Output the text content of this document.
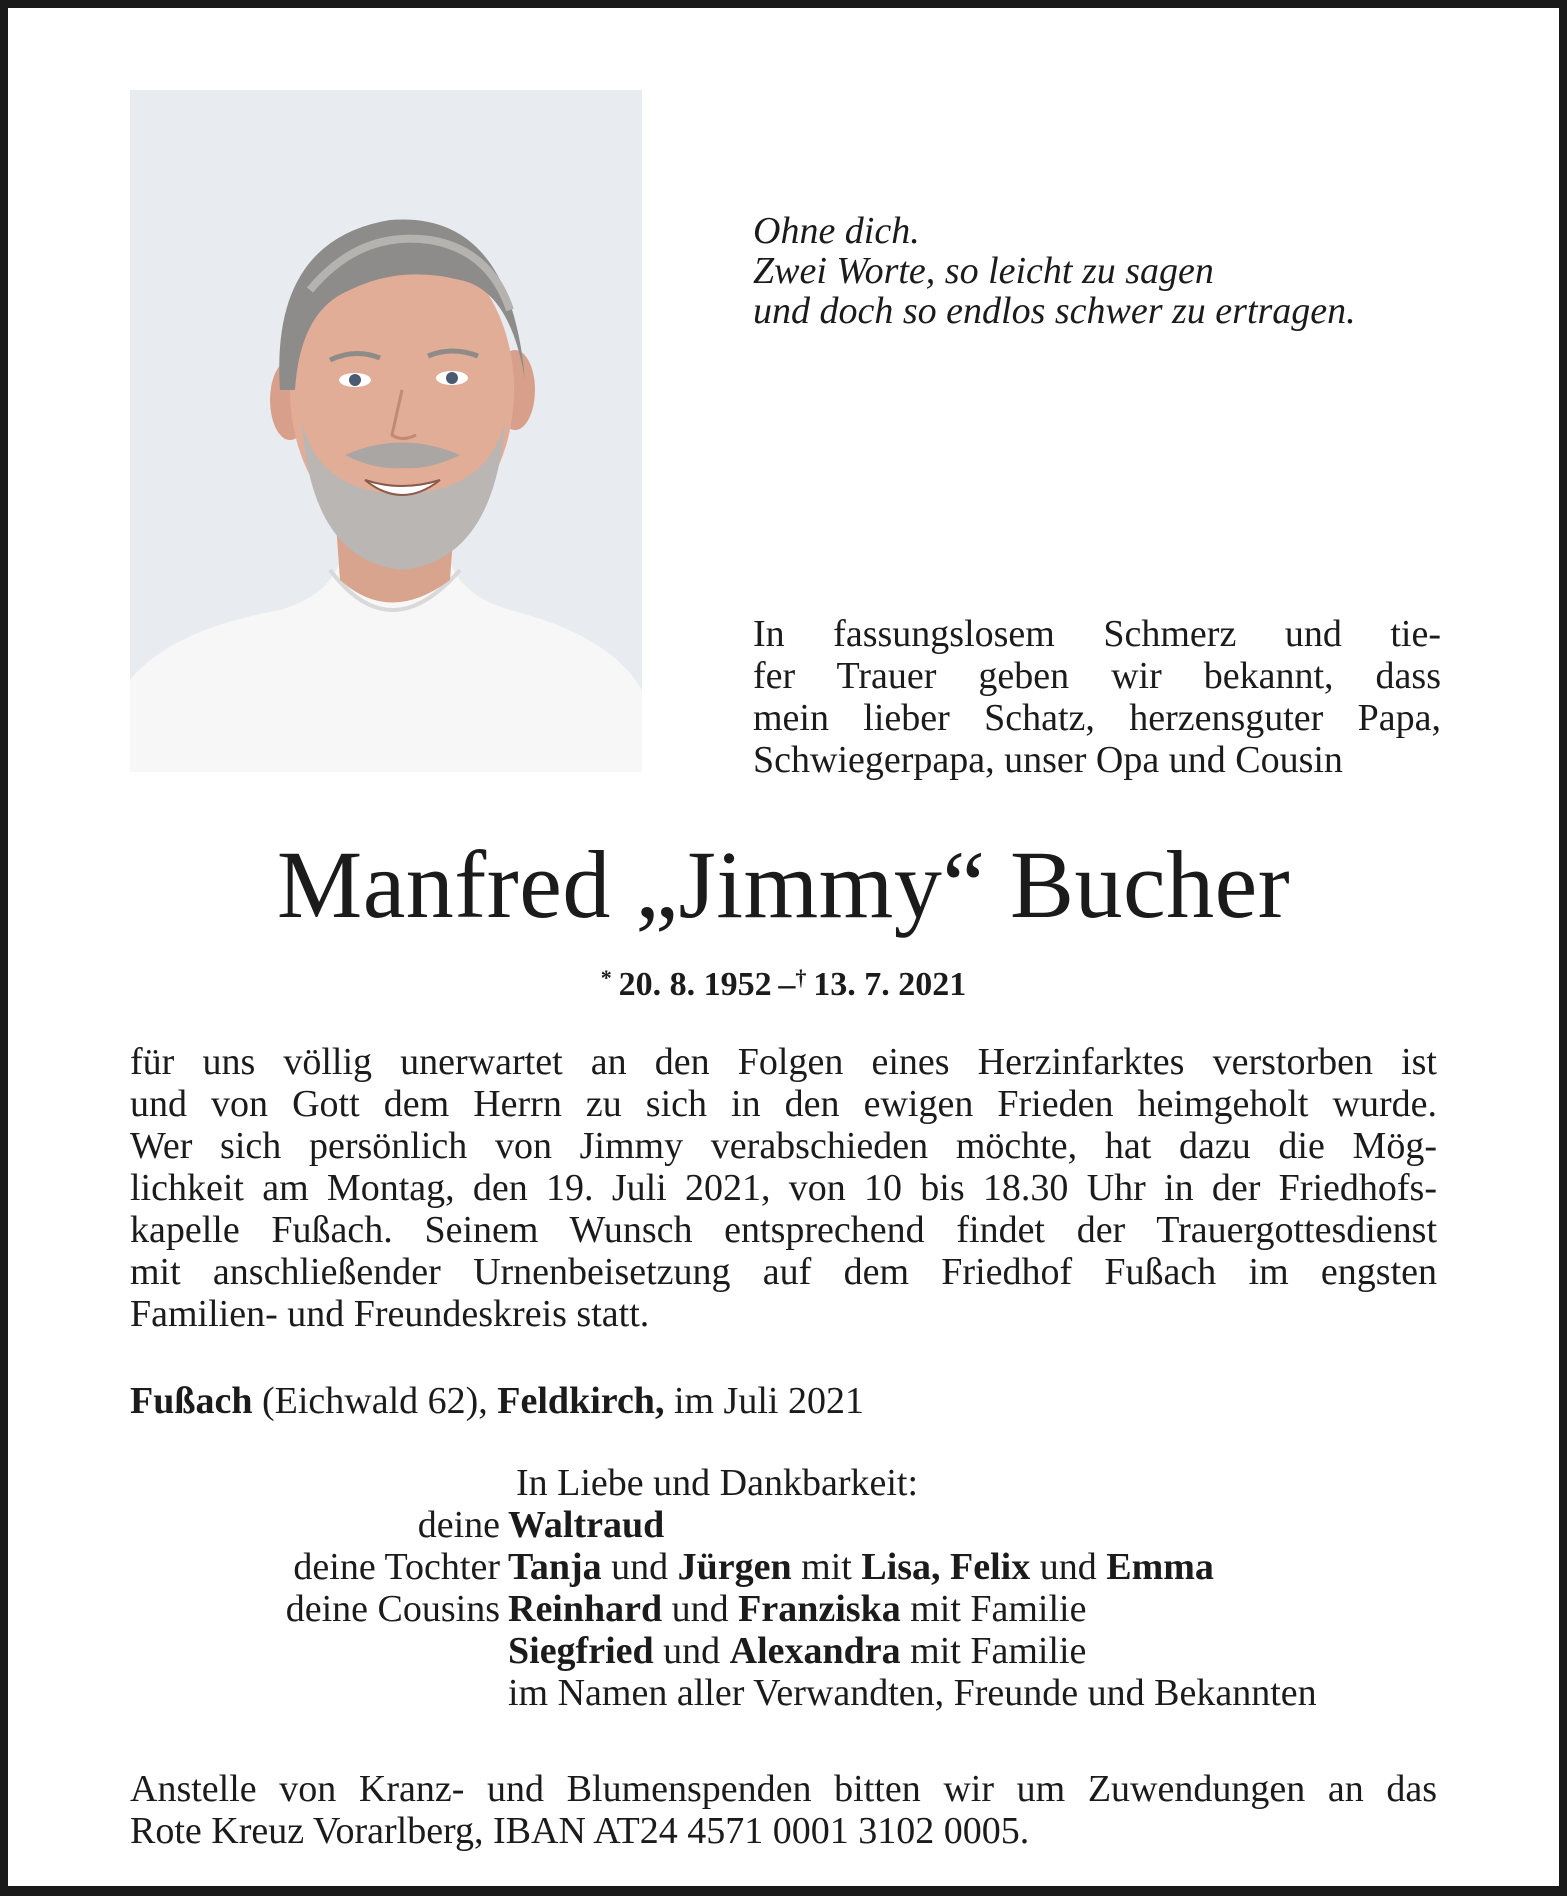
Ohne dich.
Zwei Worte, so leicht zu sagen
und doch so endlos schwer zu ertragen.
In fassungslosem Schmerz und tie-
fer Trauer geben wir bekannt, dass
mein lieber Schatz, herzensguter Papa,
Schwiegerpapa, unser Opa und Cousin
Manfred „Jimmy“ Bucher
*  20. 8. 1952  –†  13. 7. 2021
für uns völlig unerwartet an den Folgen eines Herzinfarktes verstorben ist
und von Gott dem Herrn zu sich in den ewigen Frieden heimgeholt wurde.
Wer sich persönlich von Jimmy verabschieden möchte, hat dazu die Mög-
lichkeit am Montag, den 19. Juli 2021, von 10 bis 18.30 Uhr in der Friedhofs-
kapelle Fußach. Seinem Wunsch entsprechend findet der Trauergottesdienst
mit anschließender Urnenbeisetzung auf dem Friedhof Fußach im engsten
Familien- und Freundeskreis statt.
Fußach (Eichwald 62), Feldkirch, im Juli 2021
In Liebe und Dankbarkeit:
deine Waltraud
deine Tochter Tanja und Jürgen mit Lisa, Felix und Emma
deine Cousins Reinhard und Franziska mit Familie
Siegfried und Alexandra mit Familie
im Namen aller Verwandten, Freunde und Bekannten
Anstelle von Kranz- und Blumenspenden bitten wir um Zuwendungen an das
Rote Kreuz Vorarlberg, IBAN AT24 4571 0001 3102 0005.
